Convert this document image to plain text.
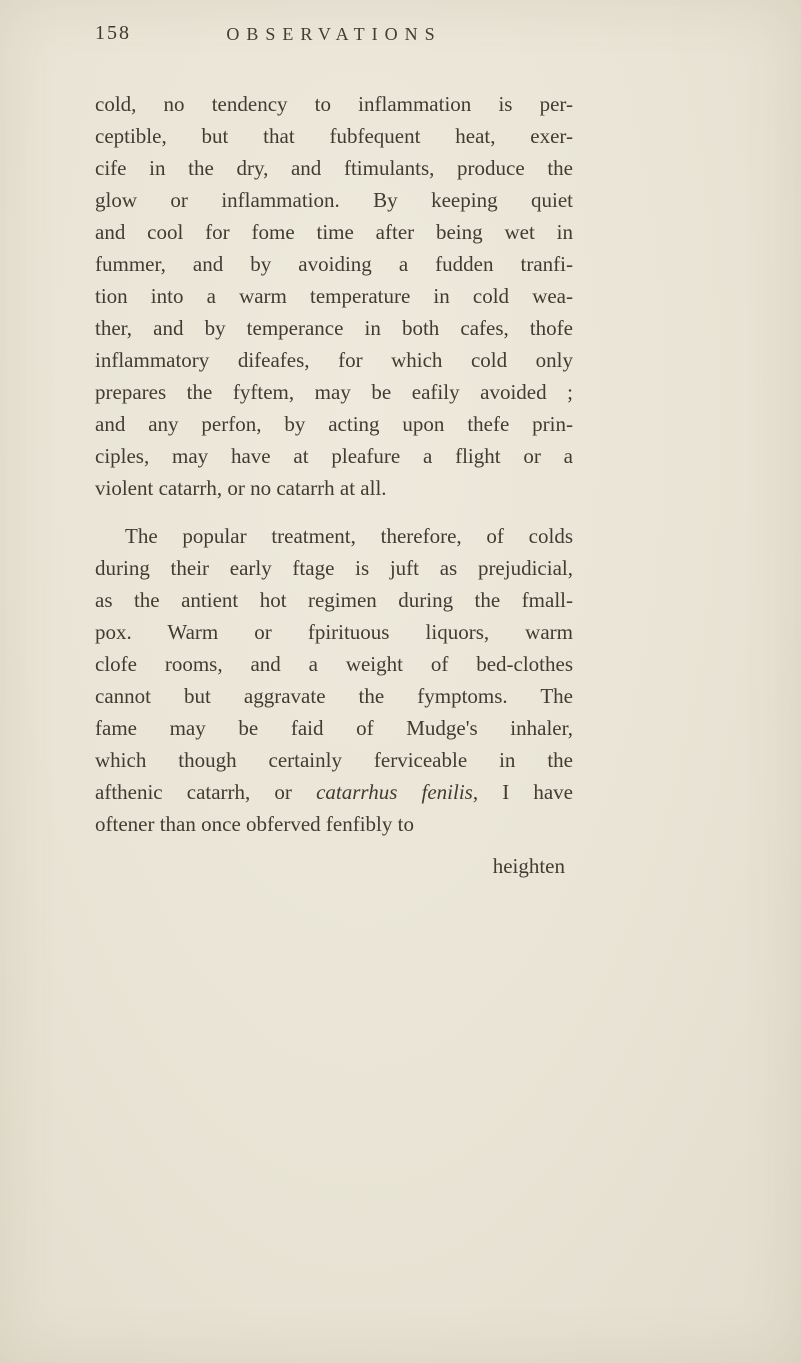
158	OBSERVATIONS
cold, no tendency to inflammation is per-
ceptible, but that fubfequent heat, exer-
cife in the dry, and ftimulants, produce the
glow or inflammation. By keeping quiet
and cool for fome time after being wet in
fummer, and by avoiding a fudden tranfi-
tion into a warm temperature in cold wea-
ther, and by temperance in both cafes, thofe
inflammatory difeafes, for which cold only
prepares the fyftem, may be eafily avoided ;
and any perfon, by acting upon thefe prin-
ciples, may have at pleafure a flight or a
violent catarrh, or no catarrh at all.
The popular treatment, therefore, of colds
during their early ftage is juft as prejudicial,
as the antient hot regimen during the fmall-
pox. Warm or fpirituous liquors, warm
clofe rooms, and a weight of bed-clothes
cannot but aggravate the fymptoms. The
fame may be faid of Mudge's inhaler,
which though certainly ferviceable in the
afthenic catarrh, or catarrhus fenilis, I have
oftener than once obferved fenfibly to
heighten
